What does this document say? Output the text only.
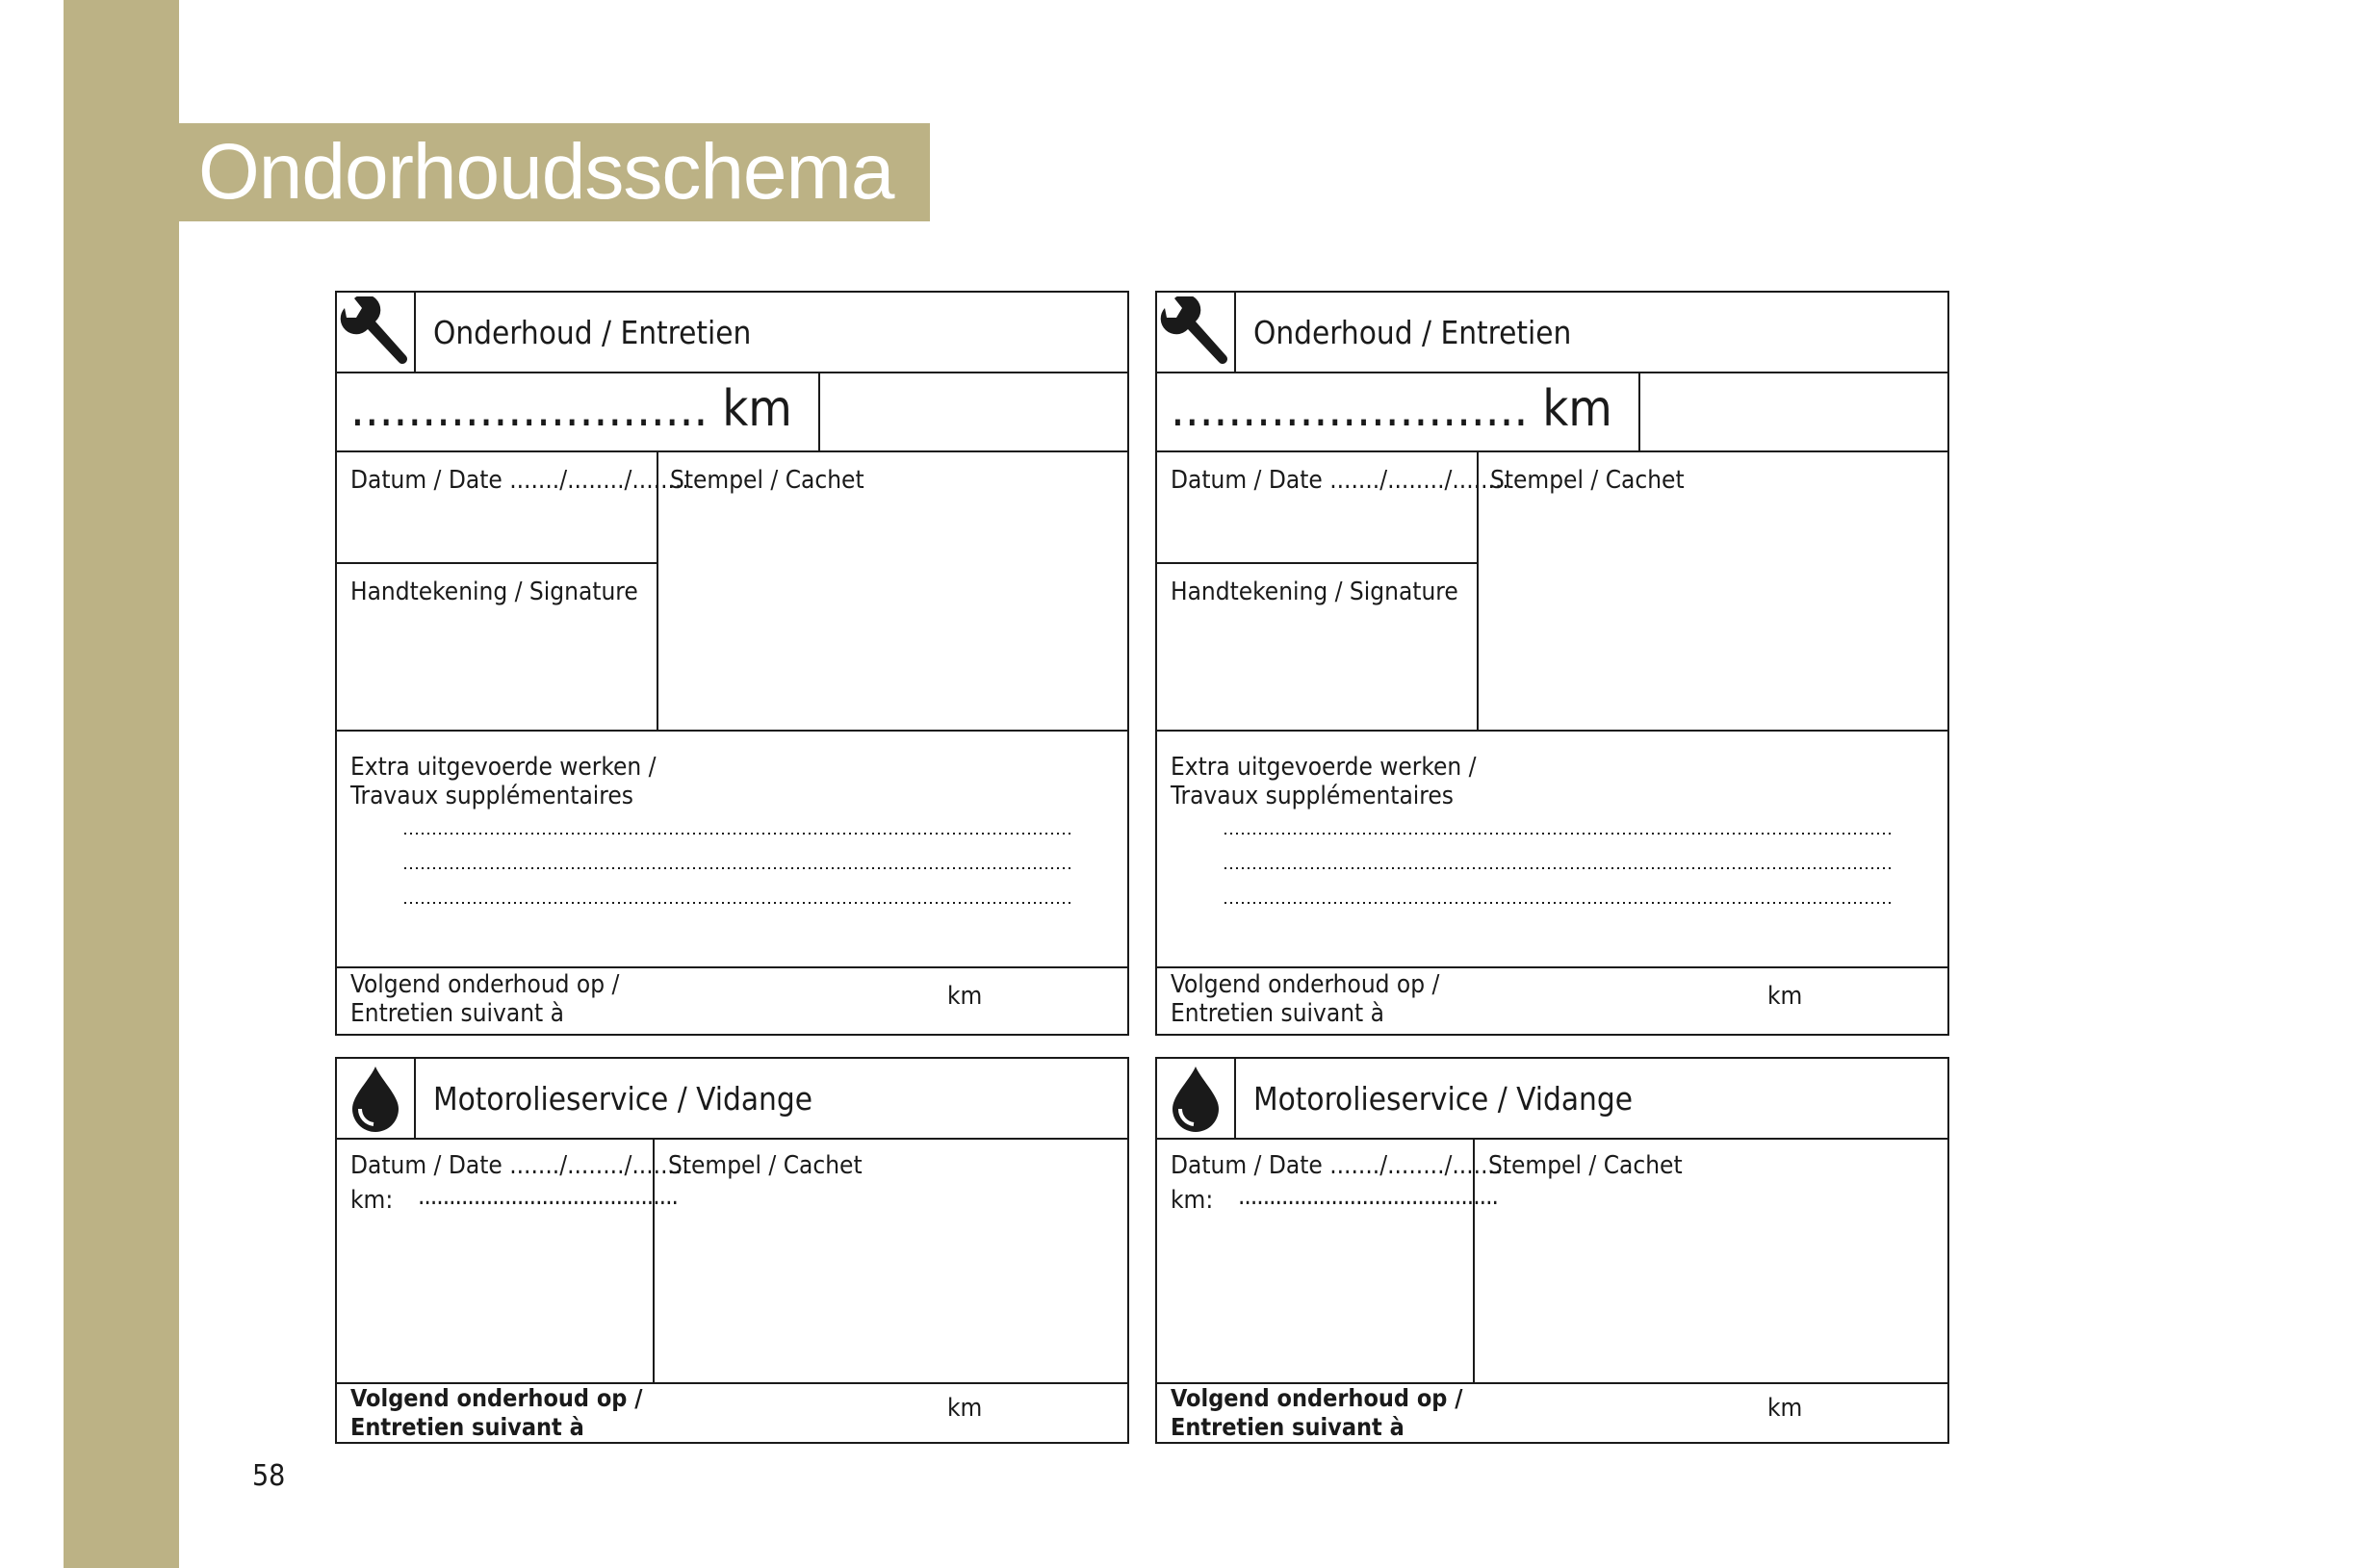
Ondorhoudsschema
58
Onderhoud / Entretien
......................... km
Datum / Date ......./......../........
Stempel / Cachet
Handtekening / Signature
Extra uitgevoerde werken /
Travaux supplémentaires
Volgend onderhoud op /
Entretien suivant à
km
Onderhoud / Entretien
......................... km
Datum / Date ......./......../........
Stempel / Cachet
Handtekening / Signature
Extra uitgevoerde werken /
Travaux supplémentaires
Volgend onderhoud op /
Entretien suivant à
km
Motorolieservice / Vidange
Datum / Date ......./......../........
km: ..........................................
Stempel / Cachet
Volgend onderhoud op /
Entretien suivant à
km
Motorolieservice / Vidange
Datum / Date ......./......../........
km: ..........................................
Stempel / Cachet
Volgend onderhoud op /
Entretien suivant à
km
